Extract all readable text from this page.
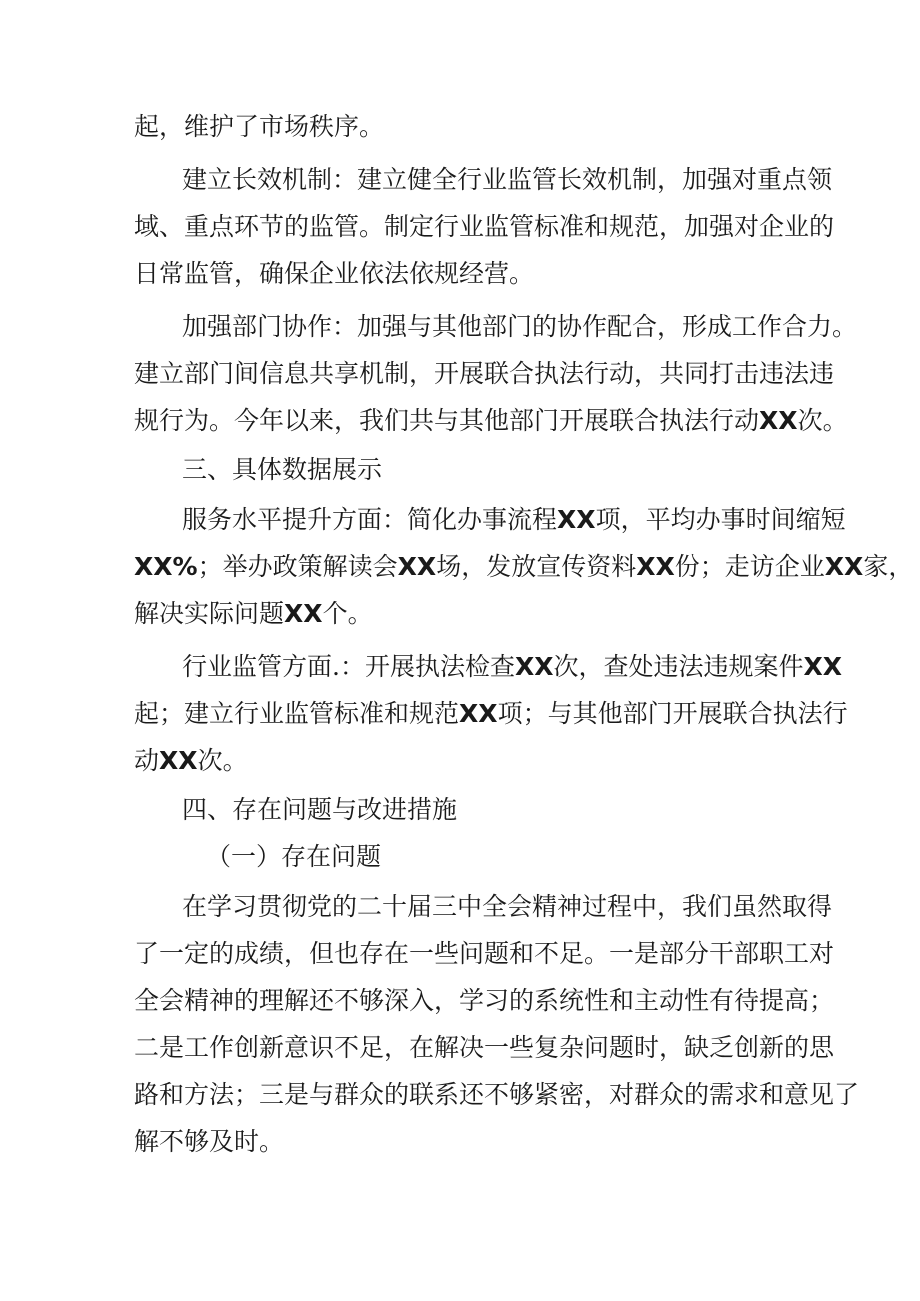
起，维护了市场秩序。

建立长效机制：建立健全行业监管长效机制，加强对重点领

域、重点环节的监管。制定行业监管标准和规范，加强对企业的

日常监管，确保企业依法依规经营。

加强部门协作：加强与其他部门的协作配合，形成工作合力。

建立部门间信息共享机制，开展联合执法行动，共同打击违法违

规行为。今年以来，我们共与其他部门开展联合执法行动XX次。

三、具体数据展示

服务水平提升方面：简化办事流程XX项，平均办事时间缩短

XX%；举办政策解读会XX场，发放宣传资料XX份；走访企业XX家，

解决实际问题XX个。

行业监管方面.：开展执法检查XX次，查处违法违规案件XX

起；建立行业监管标准和规范XX项；与其他部门开展联合执法行

动XX次。

四、存在问题与改进措施

（一）存在问题

在学习贯彻党的二十届三中全会精神过程中，我们虽然取得

了一定的成绩，但也存在一些问题和不足。一是部分干部职工对

全会精神的理解还不够深入，学习的系统性和主动性有待提高；

二是工作创新意识不足，在解决一些复杂问题时，缺乏创新的思

路和方法；三是与群众的联系还不够紧密，对群众的需求和意见了

解不够及时。
